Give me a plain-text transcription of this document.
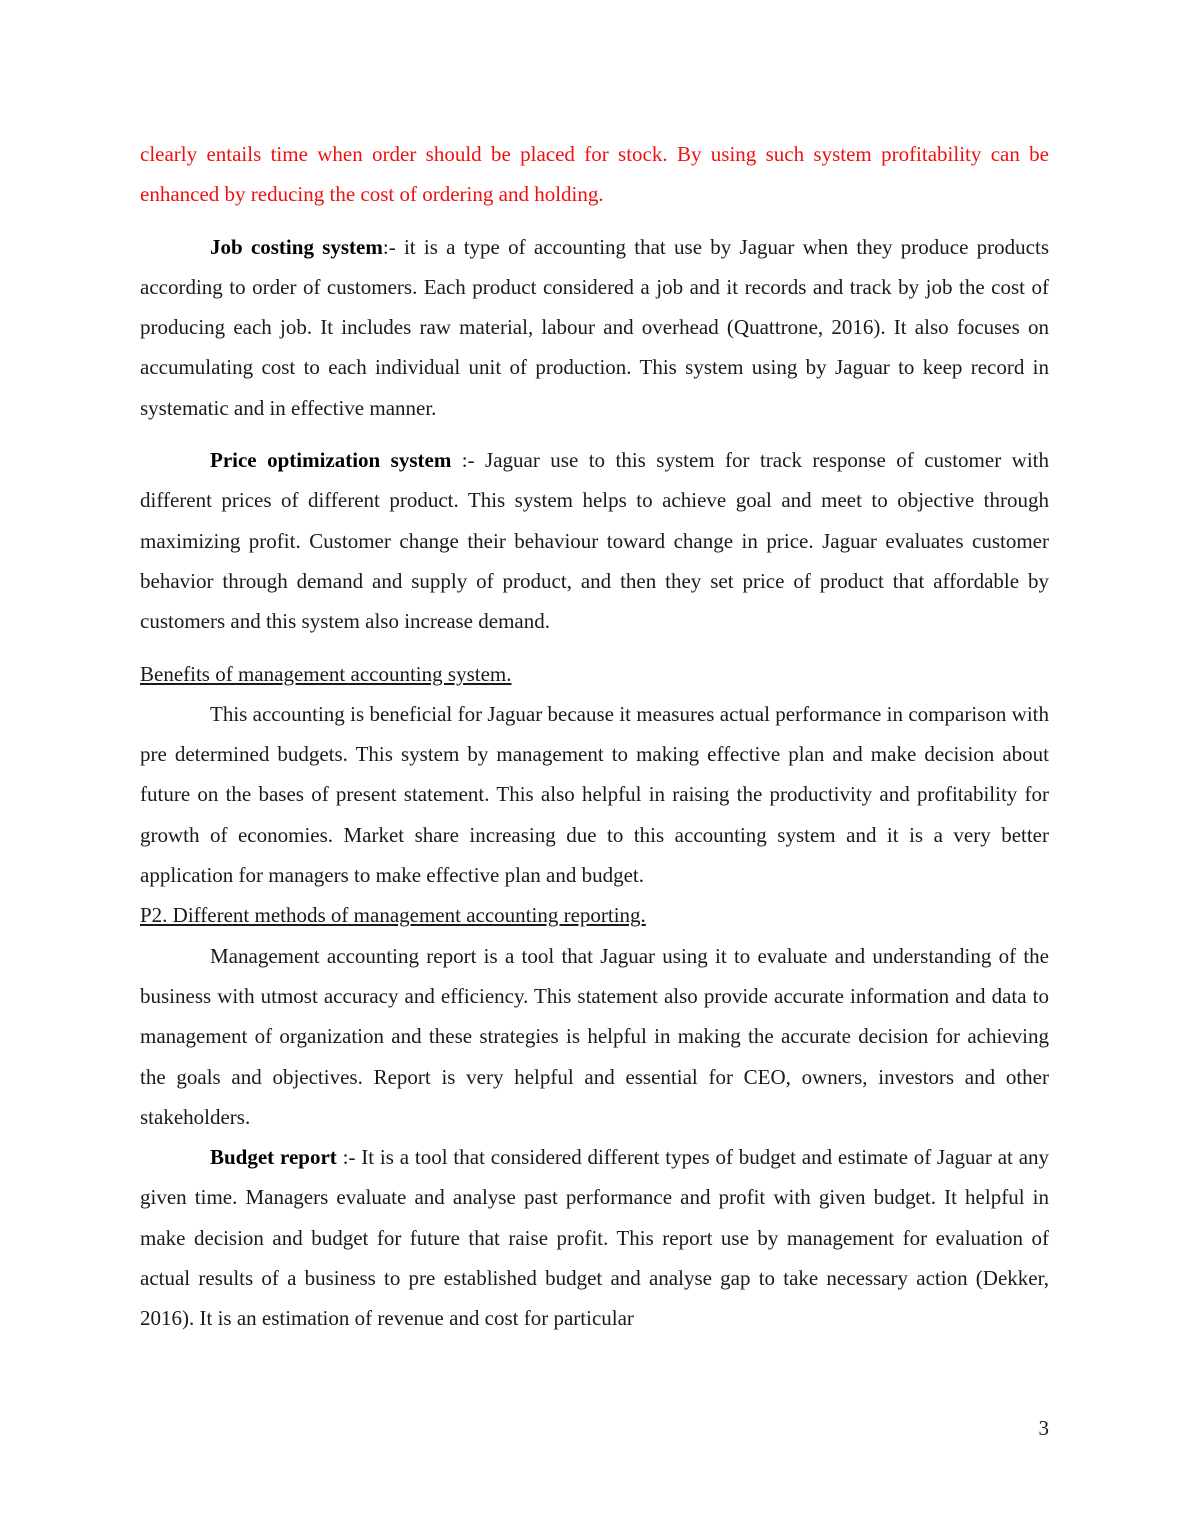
clearly entails time when order should be placed for stock. By using such system profitability can be enhanced by reducing the cost of ordering and holding.

Job costing system:- it is a type of accounting that use by Jaguar when they produce products according to order of customers. Each product considered a job and it records and track by job the cost of producing each job. It includes raw material, labour and overhead (Quattrone, 2016). It also focuses on accumulating cost to each individual unit of production. This system using by Jaguar to keep record in systematic and in effective manner.

Price optimization system :- Jaguar use to this system for track response of customer with different prices of different product. This system helps to achieve goal and meet to objective through maximizing profit. Customer change their behaviour toward change in price. Jaguar evaluates customer behavior through demand and supply of product, and then they set price of product that affordable by customers and this system also increase demand.

Benefits of management accounting system.

This accounting is beneficial for Jaguar because it measures actual performance in comparison with pre determined budgets. This system by management to making effective plan and make decision about future on the bases of present statement. This also helpful in raising the productivity and profitability for growth of economies. Market share increasing due to this accounting system and it is a very better application for managers to make effective plan and budget.

P2. Different methods of management accounting reporting.

Management accounting report is a tool that Jaguar using it to evaluate and understanding of the business with utmost accuracy and efficiency. This statement also provide accurate information and data to management of organization and these strategies is helpful in making the accurate decision for achieving the goals and objectives. Report is very helpful and essential for CEO, owners, investors and other stakeholders.

Budget report :- It is a tool that considered different types of budget and estimate of Jaguar at any given time. Managers evaluate and analyse past performance and profit with given budget. It helpful in make decision and budget for future that raise profit. This report use by management for evaluation of actual results of a business to pre established budget and analyse gap to take necessary action (Dekker, 2016). It is an estimation of revenue and cost for particular

3
